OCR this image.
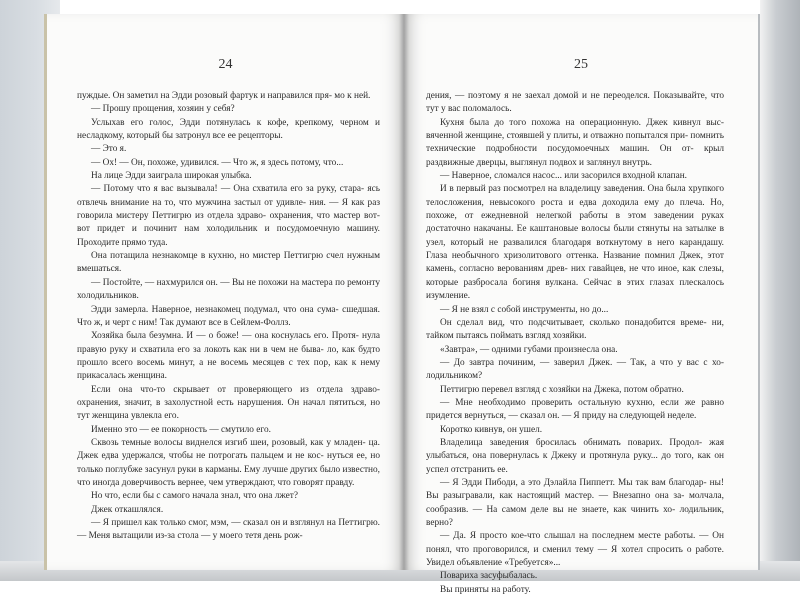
24

пуждые. Он заметил на Эдди розовый фартук и направился пря- мо к ней.

— Прошу прощения, хозяин у себя?

Услыхав его голос, Эдди потянулась к кофе, крепкому, черном и несладкому, который бы затронул все ее рецепторы.

— Это я.

— Ох! — Он, похоже, удивился. — Что ж, я здесь потому, что...

На лице Эдди заиграла широкая улыбка.

— Потому что я вас вызывала! — Она схватила его за руку, стара- ясь отвлечь внимание на то, что мужчина застыл от удивле- ния. — Я как раз говорила мистеру Петтигрю из отдела здраво- охранения, что мастер вот-вот придет и починит нам холодильник и посудомоечную машину. Проходите прямо туда.

Она потащила незнакомце в кухню, но мистер Петтигрю счел нужным вмешаться.

— Постойте, — нахмурился он. — Вы не похожи на мастера по ремонту холодильников.

Эдди замерла. Наверное, незнакомец подумал, что она сума- сшедшая. Что ж, и черт с ним! Так думают все в Сейлем-Фоллз.

Хозяйка была безумна. И — о боже! — она коснулась его. Протя- нула правую руку и схватила его за локоть как ни в чем не быва- ло, как будто прошло всего восемь минут, а не восемь месяцев с тех пор, как к нему прикасалась женщина.

Если она что-то скрывает от проверяющего из отдела здраво- охранения, значит, в захолустной есть нарушения. Он начал пятиться, но тут женщина увлекла его.

Именно это — ее покорность — смутило его.

Сквозь темные волосы виднелся изгиб шеи, розовый, как у младен- ца. Джек едва удержался, чтобы не потрогать пальцем и не кос- нуться ее, но только поглубже засунул руки в карманы. Ему лучше других было известно, что иногда доверчивость вернее, чем утверждают, что говорят правду.

Но что, если бы с самого начала знал, что она лжет?

Джек откашлялся.

— Я пришел как только смог, мэм, — сказал он и взглянул на Петтигрю. — Меня вытащили из-за стола — у моего тетя день рож-

25

дения, — поэтому я не заехал домой и не переоделся. Показывайте, что тут у вас поломалось.

Кухня была до того похожа на операционную. Джек кивнул выс- вяченной женщине, стоявшей у плиты, и отважно попытался при- помнить технические подробности посудомоечных машин. Он от- крыл раздвижные дверцы, выглянул подвох и заглянул внутрь.

— Наверное, сломался насос... или засорился входной клапан.

И в первый раз посмотрел на владелицу заведения. Она была хрупкого телосложения, невысокого роста и едва доходила ему до плеча. Но, похоже, от ежедневной нелегкой работы в этом заведении руках достаточно накачаны. Ее каштановые волосы были стянуты на затылке в узел, который не развалился благодаря воткнутому в него карандашу. Глаза необычного хризолитового оттенка. Название помнил Джек, этот камень, согласно верованиям древ- них гавайцев, не что иное, как слезы, которые разбросала богиня вулкана. Сейчас в этих глазах плескалось изумление.

— Я не взял с собой инструменты, но до...

Он сделал вид, что подсчитывает, сколько понадобится време- ни, тайком пытаясь поймать взгляд хозяйки.

«Завтра», — одними губами произнесла она.

— До завтра починим, — заверил Джек. — Так, а что у вас с хо- лодильником?

Петтигрю перевел взгляд с хозяйки на Джека, потом обратно.

— Мне необходимо проверить остальную кухню, если же равно придется вернуться, — сказал он. — Я приду на следующей неделе.

Коротко кивнув, он ушел.

Владелица заведения бросилась обнимать поварих. Продол- жая улыбаться, она повернулась к Джеку и протянула руку... до того, как он успел отстранить ее.

— Я Эдди Пибоди, а это Дэлайла Пиппетт. Мы так вам благодар- ны! Вы разыгравали, как настоящий мастер. — Внезапно она за- молчала, сообразив. — На самом деле вы не знаете, как чинить хо- лодильник, верно?

— Да. Я просто кое-что слышал на последнем месте работы. — Он понял, что проговорился, и сменил тему — Я хотел спросить о работе. Увидел объявление «Требуется»...

Повариха засуфыбалась.

Вы приняты на работу.
